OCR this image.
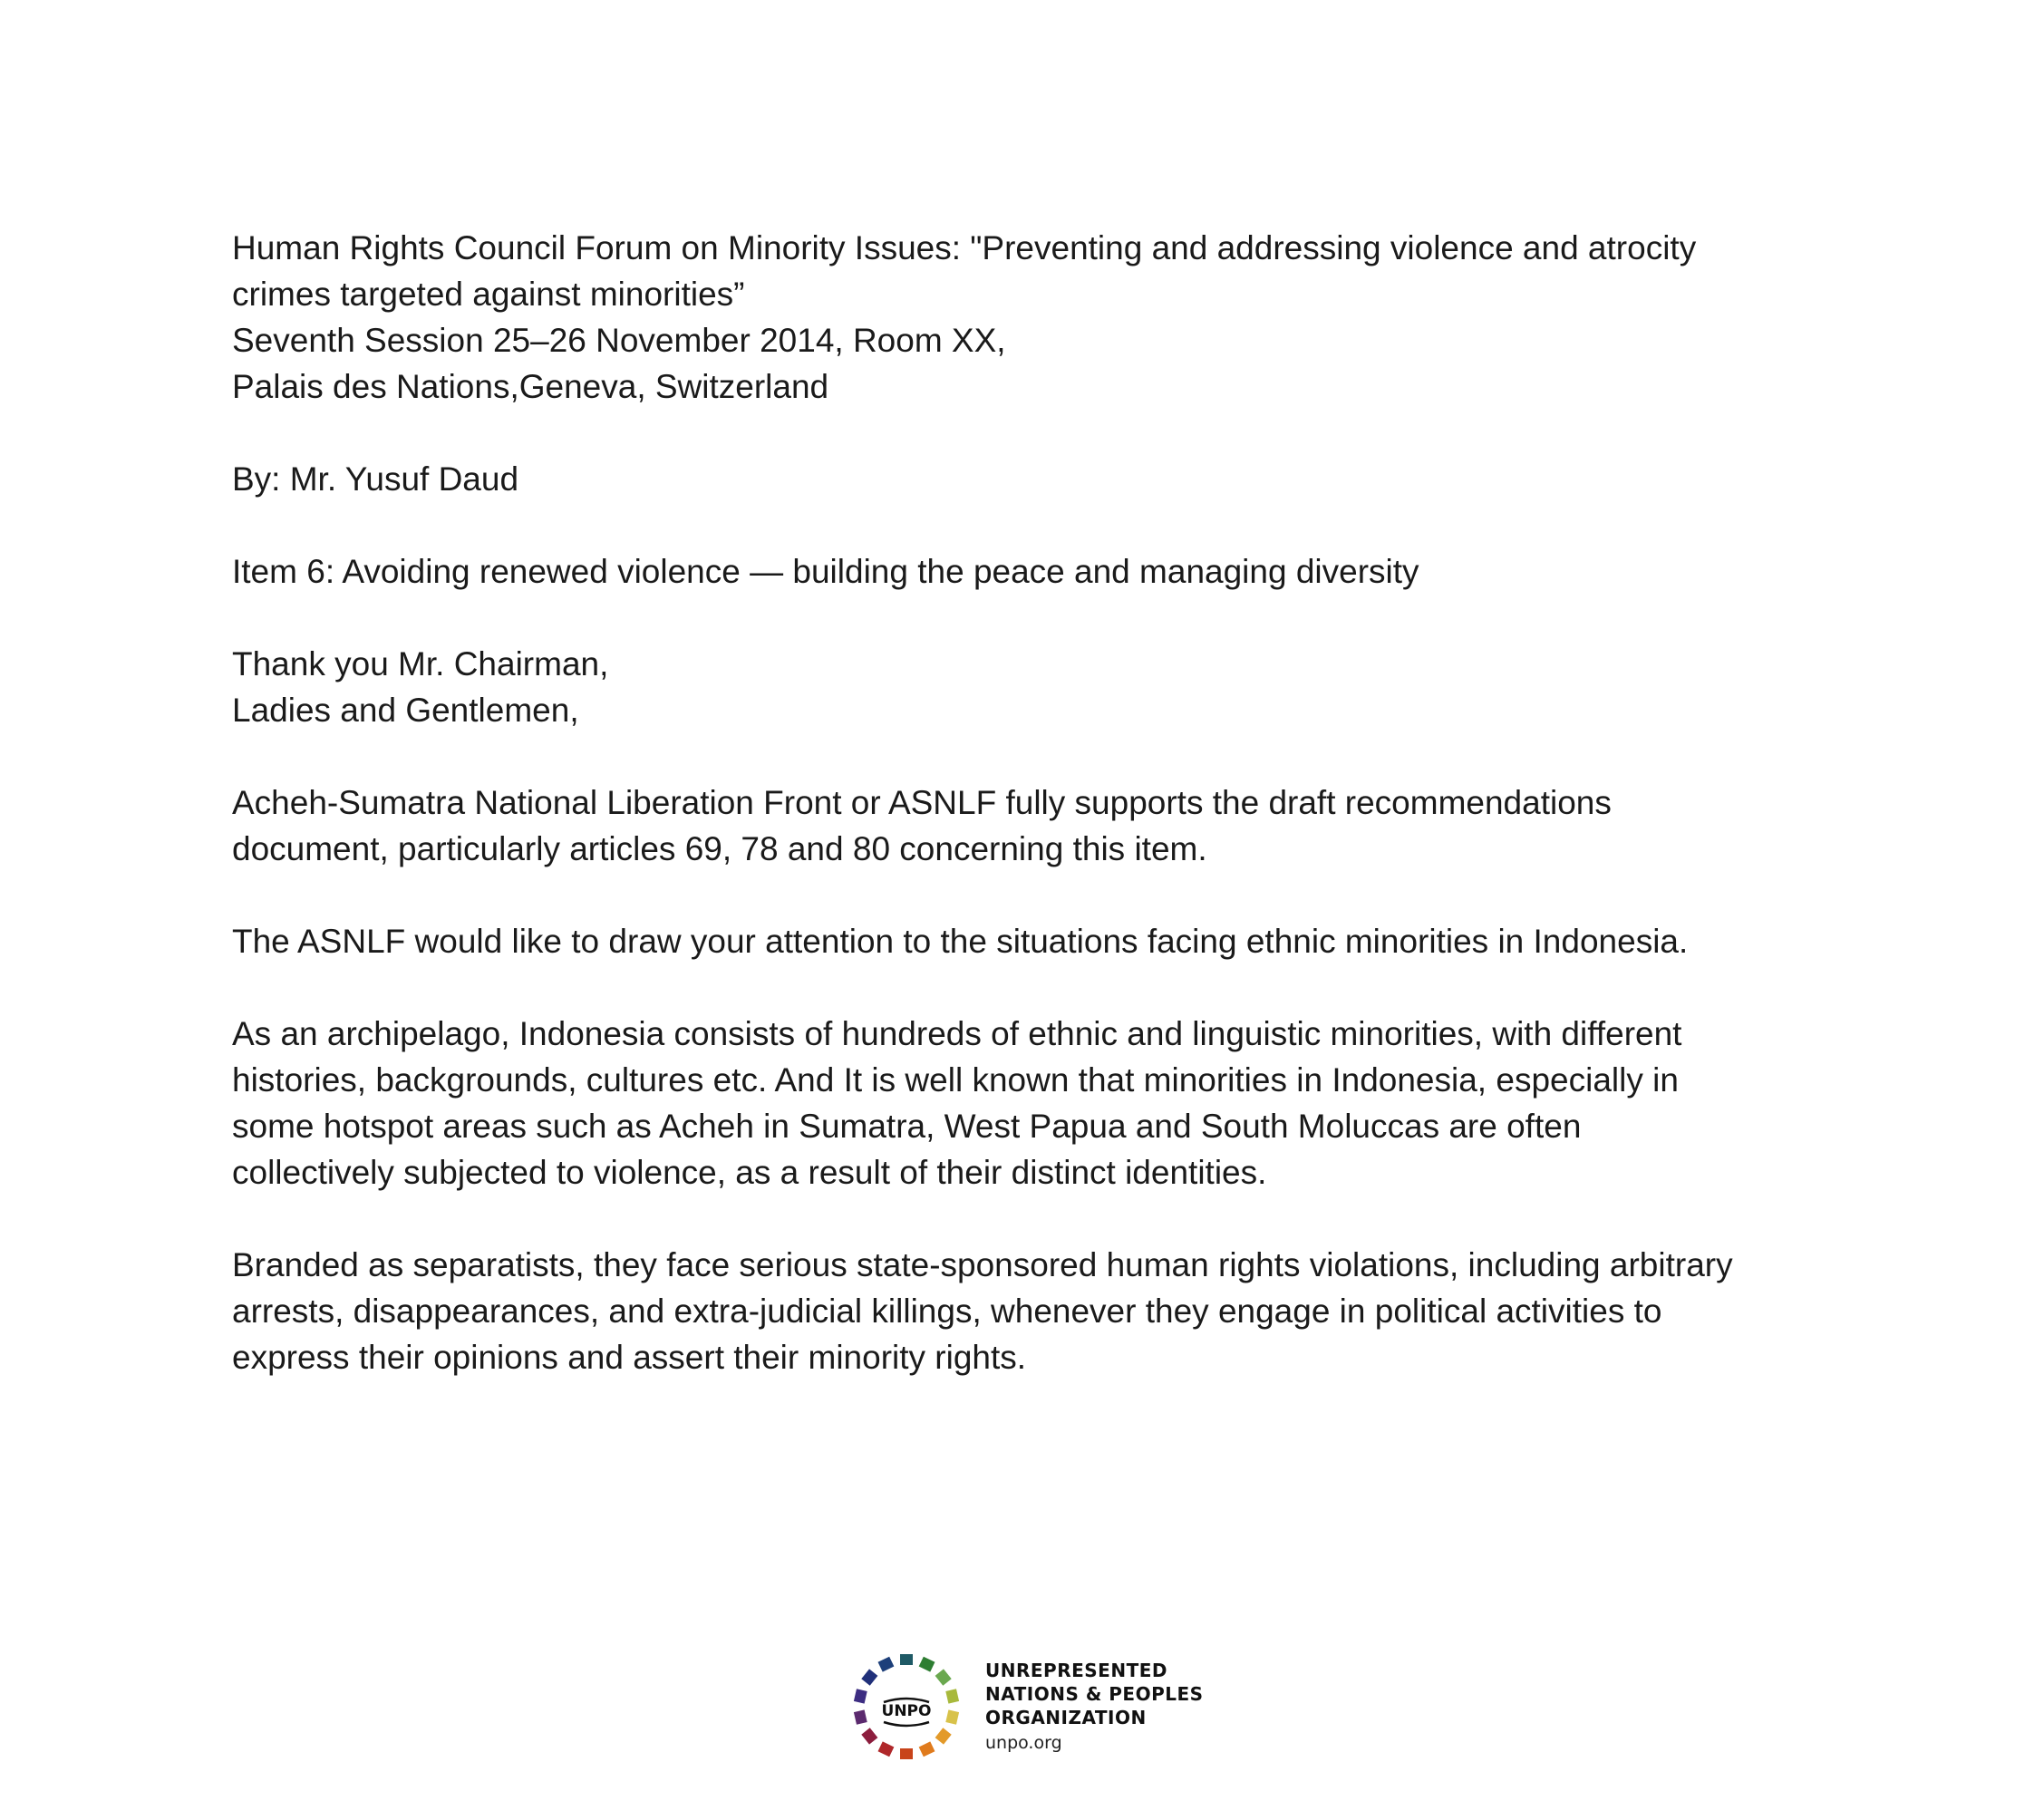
Human Rights Council Forum on Minority Issues: "Preventing and addressing violence and atrocity
crimes targeted against minorities”
Seventh Session 25–26 November 2014, Room XX,
Palais des Nations,Geneva, Switzerland
By: Mr. Yusuf Daud
Item 6: Avoiding renewed violence — building the peace and managing diversity
Thank you Mr. Chairman,
Ladies and Gentlemen,
Acheh-Sumatra National Liberation Front or ASNLF fully supports the draft recommendations
document, particularly articles 69, 78 and 80 concerning this item.
The ASNLF would like to draw your attention to the situations facing ethnic minorities in Indonesia.
As an archipelago, Indonesia consists of hundreds of ethnic and linguistic minorities, with different
histories, backgrounds, cultures etc. And It is well known that minorities in Indonesia, especially in
some hotspot areas such as Acheh in Sumatra, West Papua and South Moluccas are often
collectively subjected to violence, as a result of their distinct identities.
Branded as separatists, they face serious state-sponsored human rights violations, including arbitrary
arrests, disappearances, and extra-judicial killings, whenever they engage in political activities to
express their opinions and assert their minority rights.
UNPO
UNREPRESENTED
NATIONS & PEOPLES
ORGANIZATION
unpo.org
